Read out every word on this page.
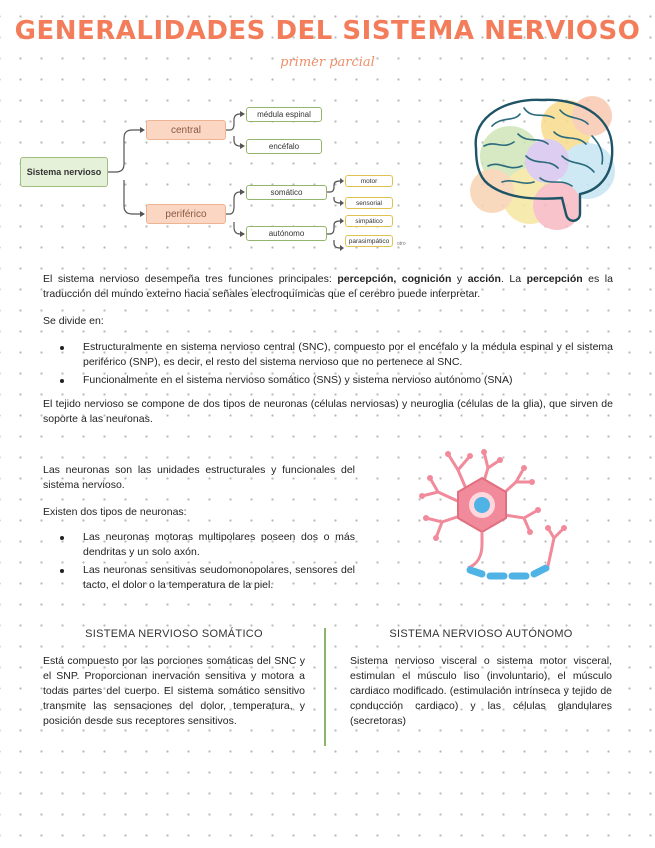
GENERALIDADES DEL SISTEMA NERVIOSO
primer parcial
Sistema nervioso
central
médula espinal
encéfalo
periférico
somático
autónomo
motor
sensorial
simpático
parasimpático	otro
El sistema nervioso desempeña tres funciones principales: percepción, cognición y acción. La percepción es la traducción del mundo externo hacia señales electroquímicas que el cerebro puede interpretar.
Se divide en:
Estructuralmente en sistema nervioso central (SNC), compuesto por el encéfalo y la médula espinal y el sistema periférico (SNP), es decir, el resto del sistema nervioso que no pertenece al SNC.
Funcionalmente en el sistema nervioso somático (SNS) y sistema nervioso autónomo (SNA)
El tejido nervioso se compone de dos tipos de neuronas (células nerviosas) y neuroglia (células de la glia), que sirven de soporte a las neuronas.
Las neuronas son las unidades estructurales y funcionales del sistema nervioso.
Existen dos tipos de neuronas:
Las neuronas motoras multipolares poseen dos o más dendritas y un solo axón.
Las neuronas sensitivas seudomonopolares, sensores del tacto, el dolor o la temperatura de la piel.
SISTEMA NERVIOSO SOMÁTICO
Está compuesto por las porciones somáticas del SNC y el SNP. Proporcionan inervación sensitiva y motora a todas partes del cuerpo. El sistema somático sensitivo transmite las sensaciones del dolor, temperatura, y posición desde sus receptores sensitivos.
SISTEMA NERVIOSO AUTÓNOMO
Sistema nervioso visceral o sistema motor visceral, estimulan el músculo liso (involuntario), el músculo cardiaco modificado. (estimulación intrínseca y tejido de conducción cardiaco) y las células glandulares (secretoras)
